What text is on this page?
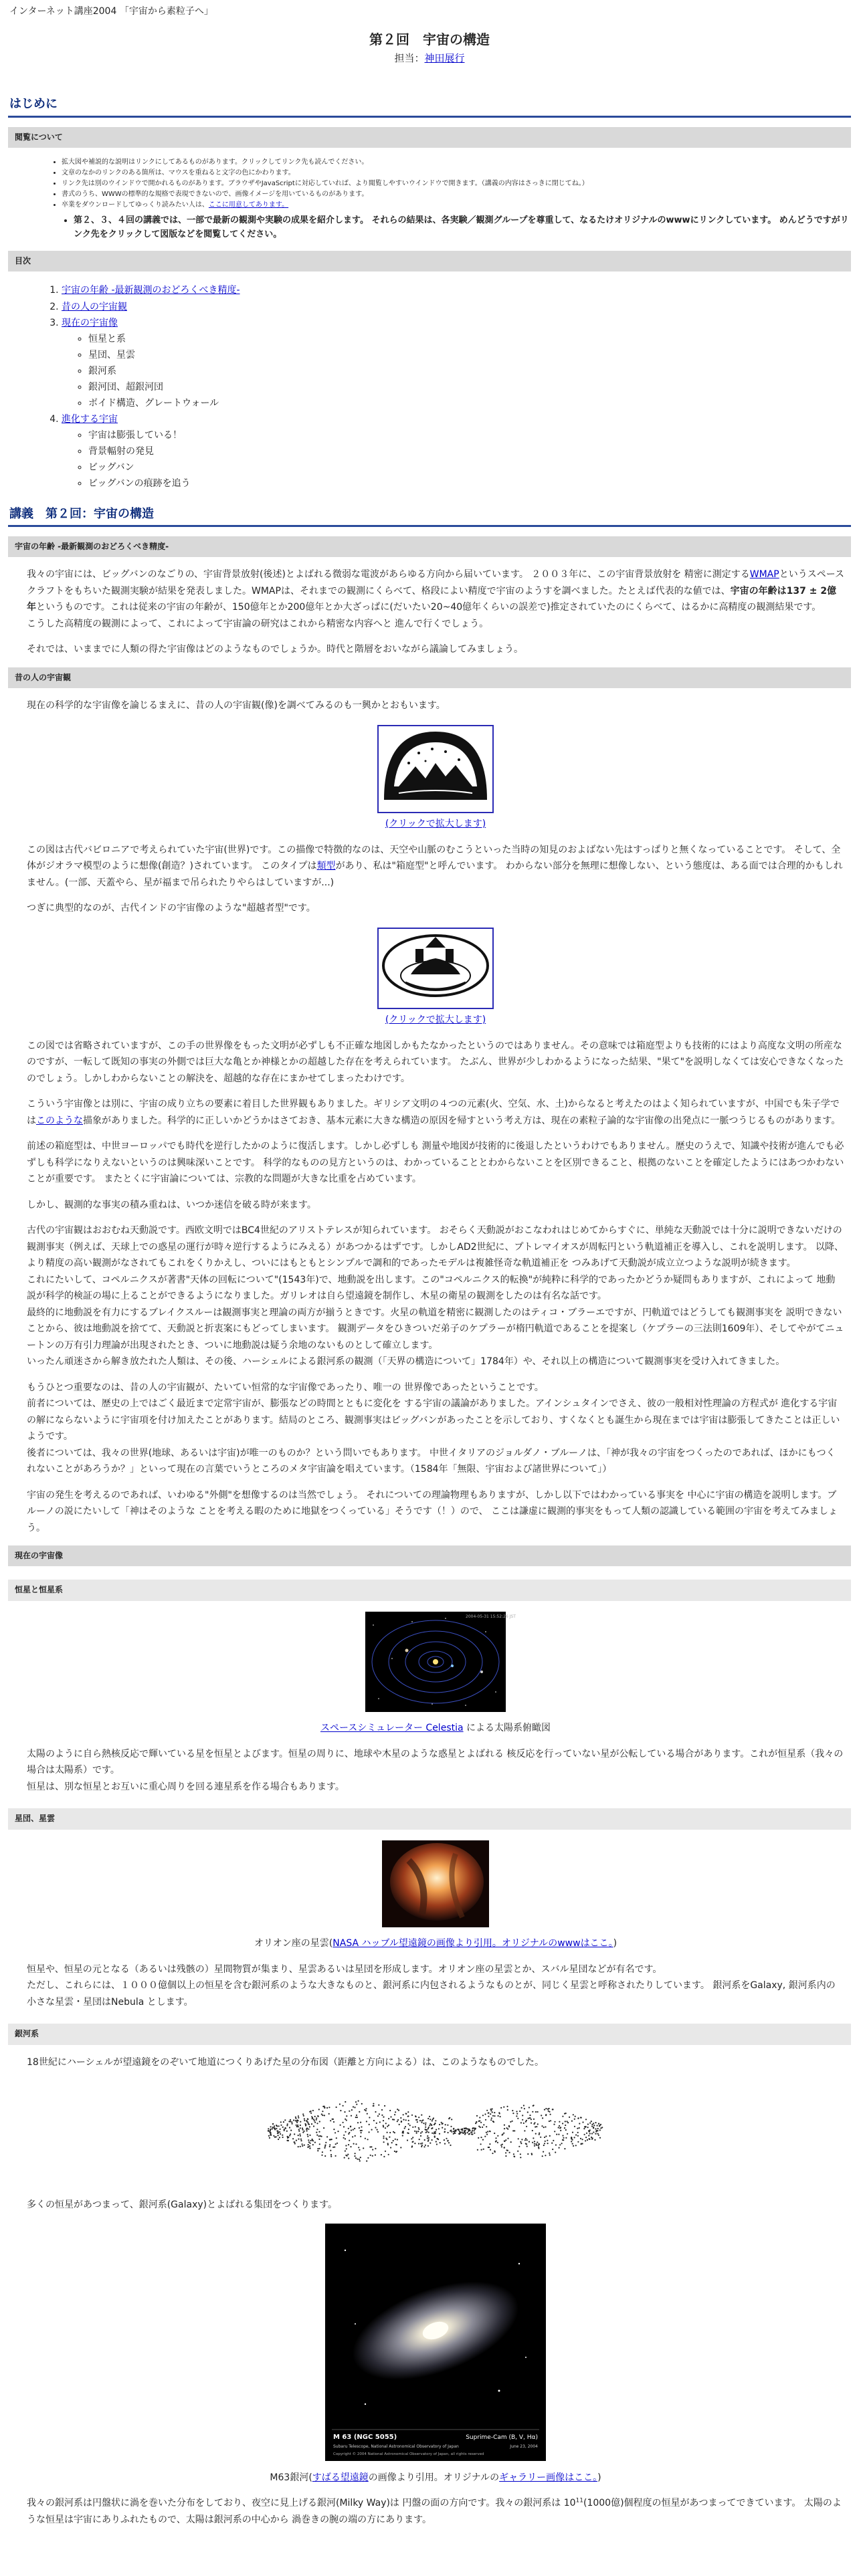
インターネット講座2004 「宇宙から素粒子へ」
第２回　宇宙の構造
担当：神田展行
はじめに
閲覧について
• 拡大図や補説的な説明はリンクにしてあるものがあります。クリックしてリンク先も読んでください。
• 文章のなかのリンクのある箇所は、マウスを重ねると文字の色にかわります。
• リンク先は別のウインドウで開かれるものがあります。ブラウザやJavaScriptに対応していれば、より閲覧しやすいウインドウで開きます。（講義の内容はさっきに閉じてね。）
• 書式のうち、WWWの標準的な規格で表現できないので、画像イメージを用いているものがあります。
• 卒業をダウンロードしてゆっくり読みたい人は、ここに用意してあります。
• 第２、３、４回の講義では、一部で最新の観測や実験の成果を紹介します。 それらの結果は、各実験／観測グループを尊重して、なるたけオリジナルのwwwにリンクしています。 めんどうですがリンク先をクリックして図版などを閲覧してください。
目次
1. 宇宙の年齢 -最新観測のおどろくべき精度-
2. 昔の人の宇宙観
3. 現在の宇宙像
◦ 恒星と系
◦ 星団、星雲
◦ 銀河系
◦ 銀河団、超銀河団
◦ ボイド構造、グレートウォール
4. 進化する宇宙
◦ 宇宙は膨張している！
◦ 背景輻射の発見
◦ ビッグバン
◦ ビッグバンの痕跡を追う
講義　第２回：宇宙の構造
宇宙の年齢 -最新観測のおどろくべき精度-

我々の宇宙には、ビッグバンのなごりの、宇宙背景放射(後述)とよばれる微弱な電波があらゆる方向から届いています。 ２００３年に、この宇宙背景放射を 精密に測定するWMAPというスペースクラフトをもちいた観測実験が結果を発表しました。WMAPは、それまでの観測にくらべて、格段によい精度で宇宙のようすを調べました。たとえば代表的な値では、宇宙の年齢は137 ± 2億年というものです。これは従来の宇宙の年齢が、150億年とか200億年とか大ざっぱに(だいたい20~40億年くらいの誤差で)推定されていたのにくらべて、はるかに高精度の観測結果です。
こうした高精度の観測によって、これによって宇宙論の研究はこれから精密な内容へと 進んで行くでしょう。

それでは、いままでに人類の得た宇宙像はどのようなものでしょうか。時代と階層をおいながら議論してみましょう。

昔の人の宇宙観

現在の科学的な宇宙像を論じるまえに、昔の人の宇宙観(像)を調べてみるのも一興かとおもいます。

(クリックで拡大します)

この図は古代バビロニアで考えられていた宇宙(世界)です。この描像で特徴的なのは、天空や山脈のむこうといった当時の知見のおよばない先はすっぱりと無くなっていることです。 そして、全体がジオラマ模型のように想像(創造？)されています。 このタイプは類型があり、私は"箱庭型"と呼んでいます。 わからない部分を無理に想像しない、という態度は、ある面では合理的かもしれません。(一部、天蓋やら、星が福まで吊られたりやらはしていますが...)

つぎに典型的なのが、古代インドの宇宙像のような"超越者型"です。

(クリックで拡大します)

この図では省略されていますが、この手の世界像をもった文明が必ずしも不正確な地図しかもたなかったというのではありません。その意味では箱庭型よりも技術的にはより高度な文明の所産なのですが、一転して既知の事実の外側では巨大な亀とか神様とかの超越した存在を考えられています。 たぶん、世界が少しわかるようになった結果、"果て"を説明しなくては安心できなくなったのでしょう。しかしわからないことの解決を、超越的な存在にまかせてしまったわけです。

こういう宇宙像とは別に、宇宙の成り立ちの要素に着目した世界観もありました。ギリシア文明の４つの元素(火、空気、水、土)からなると考えたのはよく知られていますが、中国でも朱子学ではこのような描象がありました。科学的に正しいかどうかはさておき、基本元素に大きな構造の原因を帰すという考え方は、現在の素粒子論的な宇宙像の出発点に一脈つうじるものがあります。

前述の箱庭型は、中世ヨーロッパでも時代を逆行したかのように復活します。しかし必ずしも 測量や地図が技術的に後退したというわけでもありません。歴史のうえで、知識や技術が進んでも必ずしも科学になりえないというのは興味深いことです。 科学的なものの見方というのは、わかっていることとわからないことを区別できること、根拠のないことを確定したようにはあつかわないことが重要です。 またとくに宇宙論については、宗教的な問題が大きな比重を占めています。

しかし、観測的な事実の積み重ねは、いつか迷信を破る時が来ます。

古代の宇宙観はおおむね天動説です。西欧文明ではBC4世紀のアリストテレスが知られています。 おそらく天動説がおこなわれはじめてからすぐに、単純な天動説では十分に説明できないだけの観測事実（例えば、天球上での惑星の運行が時々逆行するようにみえる）があつかるはずです。しかしAD2世紀に、プトレマイオスが周転円という軌道補正を導入し、これを説明します。 以降、より精度の高い観測がなされてもこれをくりかえし、ついにはもともとシンプルで調和的であったモデルは複雑怪奇な軌道補正を つみあげて天動説が成立立つような説明が続きます。
これにたいして、コペルニクスが著書"天体の回転について"(1543年)で、地動説を出します。この"コペルニクス的転換"が純粋に科学的であったかどうか疑問もありますが、これによって 地動説が科学的検証の場に上ることができるようになりました。ガリレオは自ら望遠鏡を制作し、木星の衛星の観測をしたのは有名な話です。
最終的に地動説を有力にするブレイクスルーは観測事実と理論の両方が揃うときです。火星の軌道を精密に観測したのはティコ・ブラーエですが、円軌道ではどうしても観測事実を 説明できないことから、彼は地動説を捨てて、天動説と折衷案にもどってしまいます。 観測データをひきついだ弟子のケプラーが楕円軌道であることを提案し（ケプラーの三法則1609年）、そしてやがてニュートンの万有引力理論が出現されたとき、ついに地動説は疑う余地のないものとして確立します。
いったん頑迷さから解き放たれた人類は、その後、ハーシェルによる銀河系の観測（「天界の構造について」1784年）や、それ以上の構造について観測事実を受け入れてきました。

もうひとつ重要なのは、昔の人の宇宙観が、たいてい恒常的な宇宙像であったり、唯一の 世界像であったということです。
前者については、歴史の上ではごく最近まで定常宇宙が、膨張などの時間とともに変化を する宇宙の議論がありました。アインシュタインでさえ、彼の一般相対性理論の方程式が 進化する宇宙の解にならないように宇宙項を付け加えたことがあります。結局のところ、観測事実はビッグバンがあったことを示しており、すくなくとも誕生から現在までは宇宙は膨張してきたことは正しいようです。
後者については、我々の世界(地球、あるいは宇宙)が唯一のものか？という問いでもあります。 中世イタリアのジョルダノ・ブルーノは、「神が我々の宇宙をつくったのであれば、ほかにもつくれないことがあろうか？」といって現在の言葉でいうところのメタ宇宙論を唱えています。（1584年「無限、宇宙および諸世界について」）

宇宙の発生を考えるのであれば、いわゆる"外側"を想像するのは当然でしょう。 それについての理論物理もありますが、しかし以下ではわかっている事実を 中心に宇宙の構造を説明します。ブルーノの説にたいして「神はそのような ことを考える暇のために地獄をつくっている」そうです（！）ので、 ここは謙虚に観測的事実をもって人類の認識している範囲の宇宙を考えてみましょう。

現在の宇宙像
恒星と恒星系
2004-05-31 15:52:26 JST
スペースシミュレーター Celestia による太陽系俯瞰図

太陽のように自ら熱核反応で輝いている星を恒星とよびます。恒星の周りに、地球や木星のような惑星とよばれる 核反応を行っていない星が公転している場合があります。これが恒星系（我々の場合は太陽系）です。
恒星は、別な恒星とお互いに重心周りを回る連星系を作る場合もあります。

星団、星雲
オリオン座の星雲(NASA ハッブル望遠鏡の画像より引用。オリジナルのwwwはここ。)

恒星や、恒星の元となる（あるいは残骸の）星間物質が集まり、星雲あるいは星団を形成します。オリオン座の星雲とか、スバル星団などが有名です。
ただし、これらには、１０００億個以上の恒星を含む銀河系のような大きなものと、銀河系に内包されるようなものとが、同じく星雲と呼称されたりしています。 銀河系をGalaxy, 銀河系内の小さな星雲・星団はNebula とします。

銀河系

18世紀にハーシェルが望遠鏡をのぞいて地道につくりあげた星の分布図（距離と方向による）は、このようなものでした。

多くの恒星があつまって、銀河系(Galaxy)とよばれる集団をつくります。

M 63 (NGC 5055)	Suprime-Cam (B, V, Hα)
Subaru Telescope, National Astronomical Observatory of Japan	June 23, 2004
Copyright © 2004 National Astronomical Observatory of Japan, all rights reserved
M63銀河(すばる望遠鏡の画像より引用。オリジナルのギャラリー画像はここ。)

我々の銀河系は円盤状に渦を巻いた分布をしており、夜空に見上げる銀河(Milky Way)は 円盤の面の方向です。我々の銀河系は $10^{11}(1000$億)個程度の恒星があつまってできています。 太陽のような恒星は宇宙にありふれたもので、太陽は銀河系の中心から 渦巻きの腕の端の方にあります。
